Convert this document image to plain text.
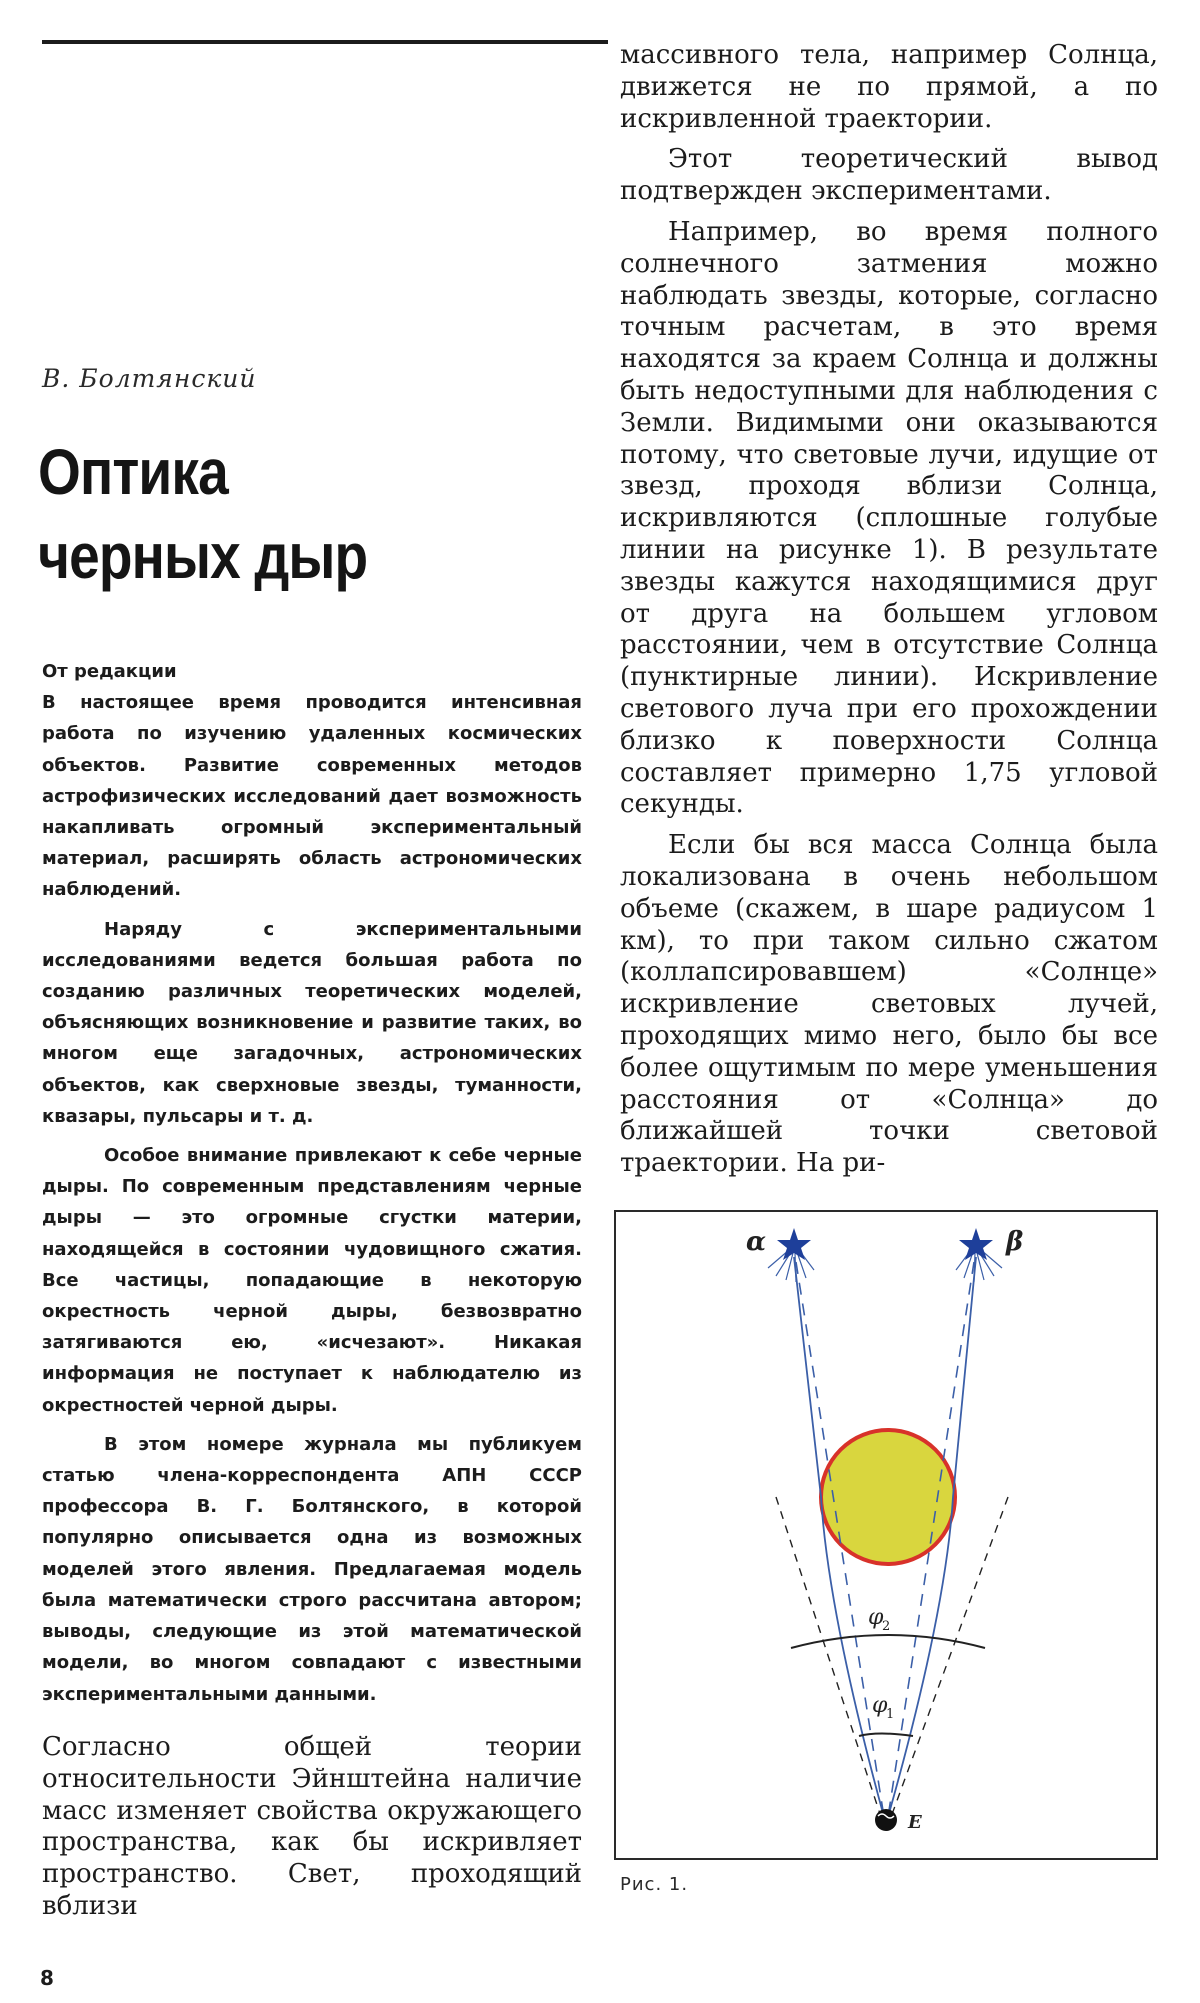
В. Болтянский
Оптика
черных дыр
От редакции

В настоящее время проводится интенсивная работа по изучению удаленных космических объектов. Развитие современных методов астрофизических исследований дает возможность накапливать огромный экспериментальный материал, расширять область астрономических наблюдений.

Наряду с экспериментальными исследованиями ведется большая работа по созданию различных теоретических моделей, объясняющих возникновение и развитие таких, во многом еще загадочных, астрономических объектов, как сверхновые звезды, туманности, квазары, пульсары и т. д.

Особое внимание привлекают к себе черные дыры. По современным представлениям черные дыры — это огромные сгустки материи, находящейся в состоянии чудовищного сжатия. Все частицы, попадающие в некоторую окрестность черной дыры, безвозвратно затягиваются ею, «исчезают». Никакая информация не поступает к наблюдателю из окрестностей черной дыры.

В этом номере журнала мы публикуем статью члена-корреспондента АПН СССР профессора В. Г. Болтянского, в которой популярно описывается одна из возможных моделей этого явления. Предлагаемая модель была математически строго рассчитана автором; выводы, следующие из этой математической модели, во многом совпадают с известными экспериментальными данными.

Согласно общей теории относительности Эйнштейна наличие масс изменяет свойства окружающего пространства, как бы искривляет пространство. Свет, проходящий вблизи

массивного тела, например Солнца, движется не по прямой, а по искривленной траектории.

Этот теоретический вывод подтвержден экспериментами.

Например, во время полного солнечного затмения можно наблюдать звезды, которые, согласно точным расчетам, в это время находятся за краем Солнца и должны быть недоступными для наблюдения с Земли. Видимыми они оказываются потому, что световые лучи, идущие от звезд, проходя вблизи Солнца, искривляются (сплошные голубые линии на рисунке 1). В результате звезды кажутся находящимися друг от друга на большем угловом расстоянии, чем в отсутствие Солнца (пунктирные линии). Искривление светового луча при его прохождении близко к поверхности Солнца составляет примерно 1,75 угловой секунды.

Если бы вся масса Солнца была локализована в очень небольшом объеме (скажем, в шаре радиусом 1 км), то при таком сильно сжатом (коллапсировавшем) «Солнце» искривление световых лучей, проходящих мимо него, было бы все более ощутимым по мере уменьшения расстояния от «Солнца» до ближайшей точки световой траектории. На ри-

α	β
φ
2
φ
1
E
Рис. 1.
8
